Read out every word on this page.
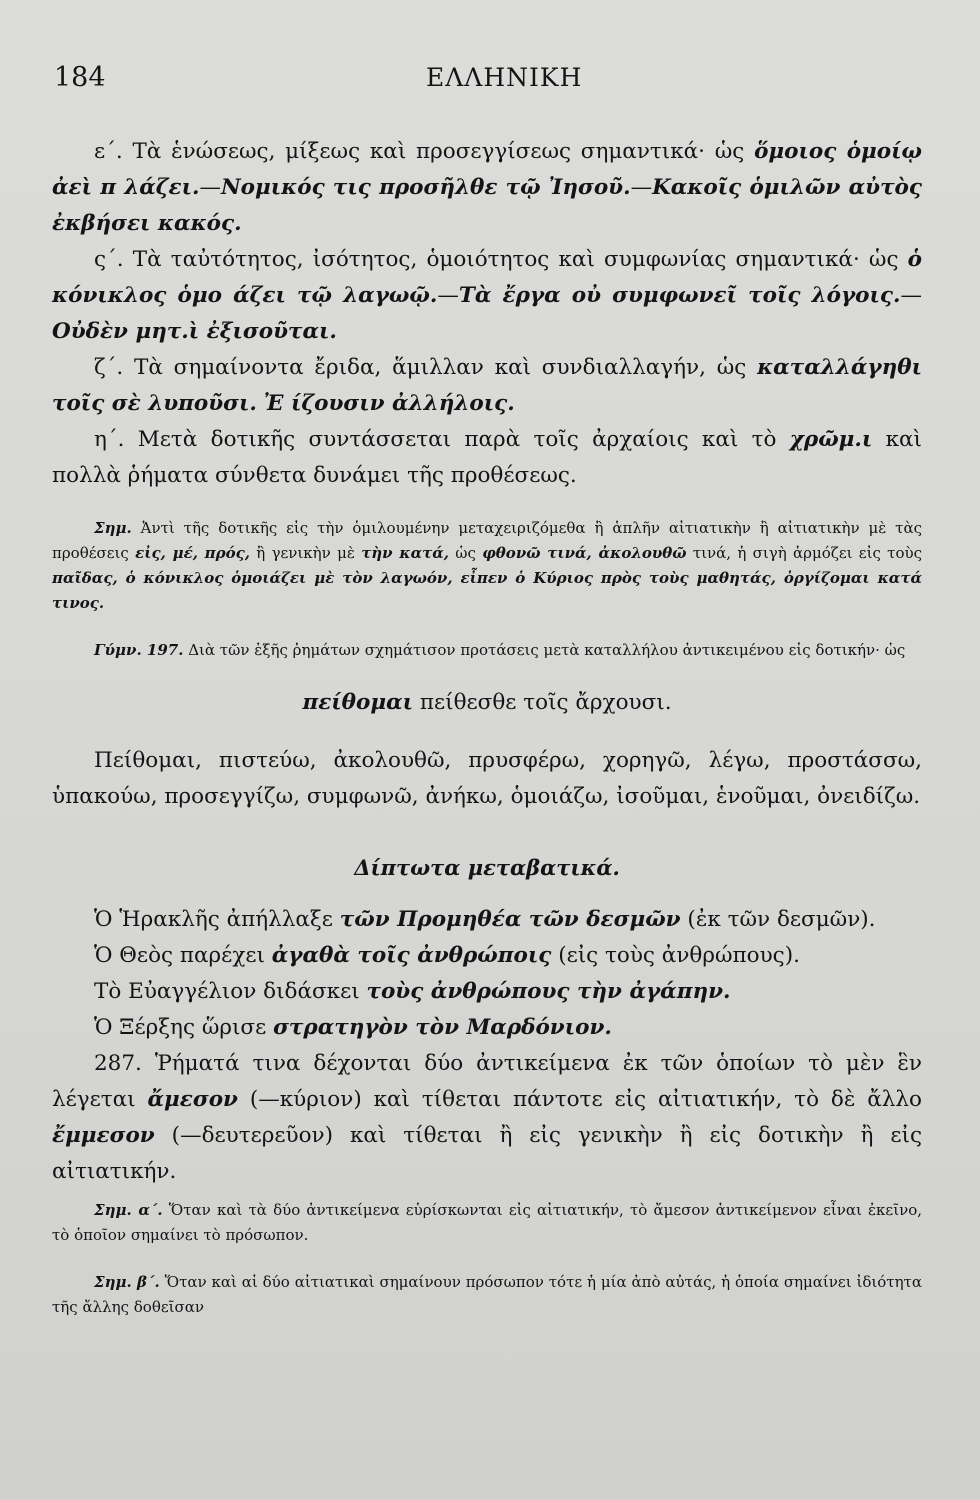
184	ΕΛΛΗΝΙΚΗ

ε΄. Τὰ ἑνώσεως, μίξεως καὶ προσεγγίσεως σημαντικά· ὡς ὅμοιος ὁμοίῳ ἀεὶ π λάζει.—Νομικός τις προσῆλθε τῷ Ἰησοῦ.—Κακοῖς ὁμιλῶν αὐτὸς ἐκβήσει κακός.

ς΄. Τὰ ταὐτότητος, ἰσότητος, ὁμοιότητος καὶ συμφωνίας σημαντικά· ὡς ὁ κόνικλος ὁμο άζει τῷ λαγωῷ.—Τὰ ἔργα οὐ συμφωνεῖ τοῖς λόγοις.—Οὐδὲν μητ.ὶ ἐξισοῦται.

ζ΄. Τὰ σημαίνοντα ἔριδα, ἅμιλλαν καὶ συνδιαλλαγήν, ὡς καταλλάγηθι τοῖς σὲ λυποῦσι. Ἐ ίζουσιν ἀλλήλοις.

η΄. Μετὰ δοτικῆς συντάσσεται παρὰ τοῖς ἀρχαίοις καὶ τὸ χρῶμ.ι καὶ πολλὰ ῥήματα σύνθετα δυνάμει τῆς προθέσεως.

Σημ. Ἀντὶ τῆς δοτικῆς εἰς τὴν ὁμιλουμένην μεταχειριζόμεθα ἢ ἁπλῆν αἰτιατικὴν ἢ αἰτιατικὴν μὲ τὰς προθέσεις εἰς, μέ, πρός, ἢ γενικὴν μὲ τὴν κατά, ὡς φθονῶ τινά, ἀκολουθῶ τινά, ἡ σιγὴ ἁρμόζει εἰς τοὺς παῖδας, ὁ κόνικλος ὁμοιάζει μὲ τὸν λαγωόν, εἶπεν ὁ Κύριος πρὸς τοὺς μαθητάς, ὀργίζομαι κατά τινος.

Γύμν. 197. Διὰ τῶν ἑξῆς ῥημάτων σχημάτισον προτάσεις μετὰ καταλλήλου ἀντικειμένου εἰς δοτικήν· ὡς

πείθομαι πείθεσθε τοῖς ἄρχουσι.

Πείθομαι, πιστεύω, ἀκολουθῶ, πρυσφέρω, χορηγῶ, λέγω, προστάσσω, ὑπακούω, προσεγγίζω, συμφωνῶ, ἀνήκω, ὁμοιάζω, ἰσοῦμαι, ἑνοῦμαι, ὀνειδίζω.

Δίπτωτα μεταβατικά.

Ὁ Ἡρακλῆς ἀπήλλαξε τῶν Προμηθέα τῶν δεσμῶν (ἐκ τῶν δεσμῶν).

Ὁ Θεὸς παρέχει ἀγαθὰ τοῖς ἀνθρώποις (εἰς τοὺς ἀνθρώπους).

Τὸ Εὐαγγέλιον διδάσκει τοὺς ἀνθρώπους τὴν ἀγάπην.

Ὁ Ξέρξης ὥρισε στρατηγὸν τὸν Μαρδόνιον.

287. Ῥήματά τινα δέχονται δύο ἀντικείμενα ἐκ τῶν ὁποίων τὸ μὲν ἓν λέγεται ἄμεσον (—κύριον) καὶ τίθεται πάντοτε εἰς αἰτιατικήν, τὸ δὲ ἄλλο ἔμμεσον (—δευτερεῦον) καὶ τίθεται ἢ εἰς γενικὴν ἢ εἰς δοτικὴν ἢ εἰς αἰτιατικήν.

Σημ. α΄. Ὅταν καὶ τὰ δύο ἀντικείμενα εὑρίσκωνται εἰς αἰτιατικήν, τὸ ἄμεσον ἀντικείμενον εἶναι ἐκεῖνο, τὸ ὁποῖον σημαίνει τὸ πρόσωπον.

Σημ. β΄. Ὅταν καὶ αἱ δύο αἰτιατικαὶ σημαίνουν πρόσωπον τότε ἡ μία ἀπὸ αὐτάς, ἡ ὁποία σημαίνει ἰδιότητα τῆς ἄλλης δοθεῖσαν
